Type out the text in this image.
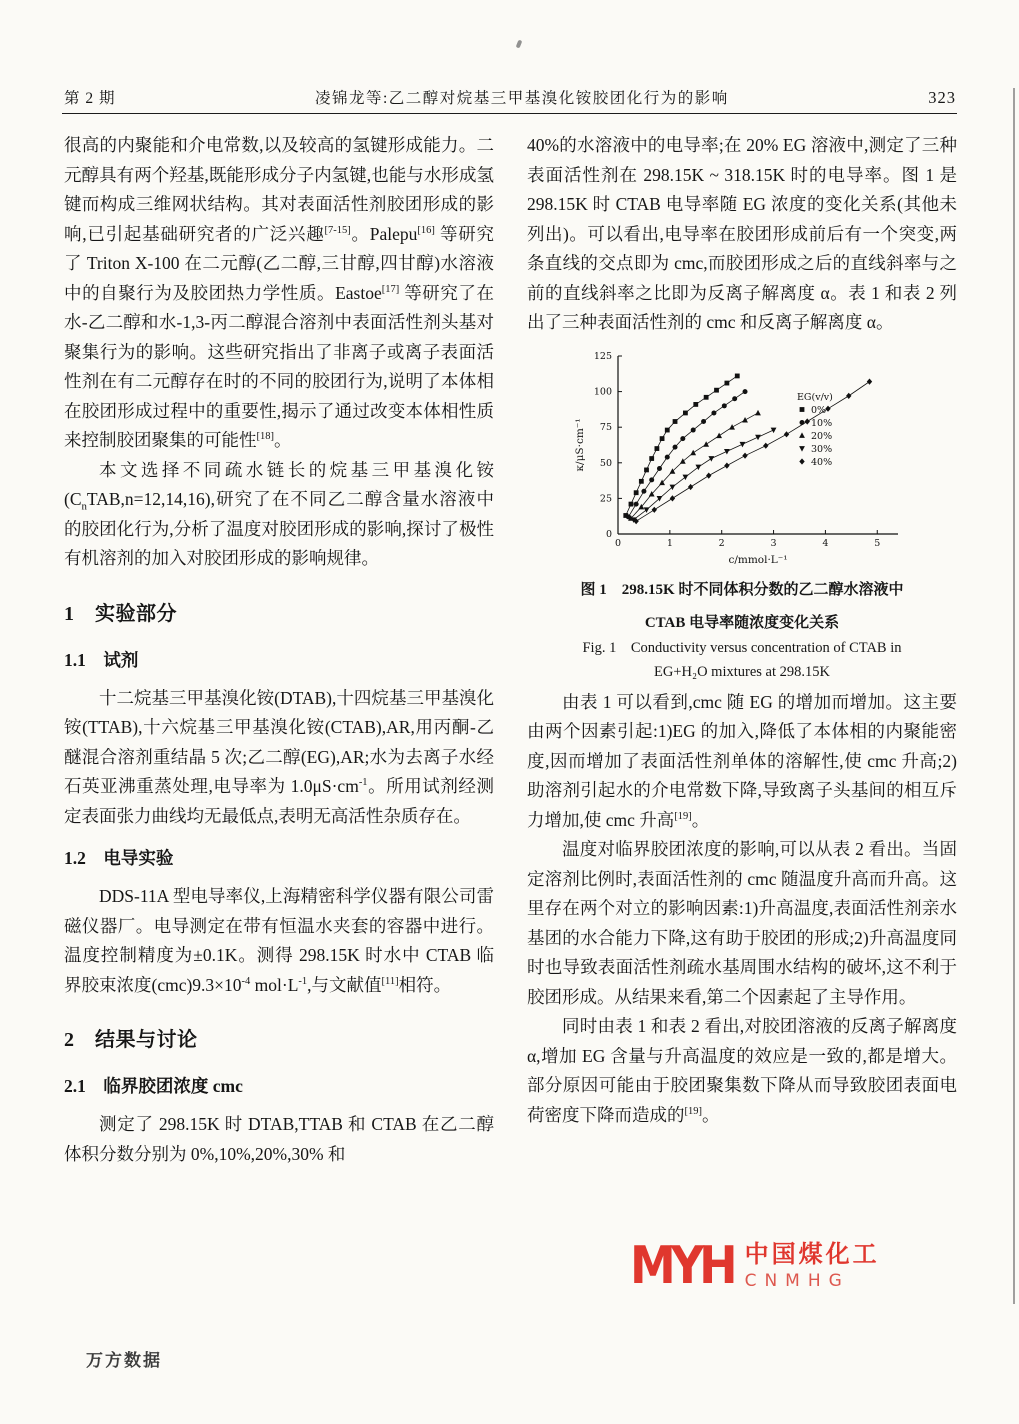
第 2 期	凌锦龙等:乙二醇对烷基三甲基溴化铵胶团化行为的影响	323

很高的内聚能和介电常数,以及较高的氢键形成能力。二元醇具有两个羟基,既能形成分子内氢键,也能与水形成氢键而构成三维网状结构。其对表面活性剂胶团形成的影响,已引起基础研究者的广泛兴趣[7-15]。Palepu[16] 等研究了 Triton X-100 在二元醇(乙二醇,三甘醇,四甘醇)水溶液中的自聚行为及胶团热力学性质。Eastoe[17] 等研究了在水-乙二醇和水-1,3-丙二醇混合溶剂中表面活性剂头基对聚集行为的影响。这些研究指出了非离子或离子表面活性剂在有二元醇存在时的不同的胶团行为,说明了本体相在胶团形成过程中的重要性,揭示了通过改变本体相性质来控制胶团聚集的可能性[18]。

本文选择不同疏水链长的烷基三甲基溴化铵$(C_nTAB,n=12,14,16)$,研究了在不同乙二醇含量水溶液中的胶团化行为,分析了温度对胶团形成的影响,探讨了极性有机溶剂的加入对胶团形成的影响规律。

1　实验部分
1.1　试剂

十二烷基三甲基溴化铵(DTAB),十四烷基三甲基溴化铵(TTAB),十六烷基三甲基溴化铵(CTAB),AR,用丙酮-乙醚混合溶剂重结晶 5 次;乙二醇(EG),AR;水为去离子水经石英亚沸重蒸处理,电导率为 $1.0\mu S\cdot cm^{-1}$。所用试剂经测定表面张力曲线均无最低点,表明无高活性杂质存在。

1.2　电导实验

DDS-11A 型电导率仪,上海精密科学仪器有限公司雷磁仪器厂。电导测定在带有恒温水夹套的容器中进行。温度控制精度为±0.1K。测得 298.15K 时水中 CTAB 临界胶束浓度$(cmc)9.3\times 10^{-4}$ $mol\cdot L^{-1}$,与文献值[11]相符。

2　结果与讨论
2.1　临界胶团浓度 cmc

测定了 298.15K 时 DTAB,TTAB 和 CTAB 在乙二醇体积分数分别为 0%,10%,20%,30% 和

40%的水溶液中的电导率;在 20% EG 溶液中,测定了三种表面活性剂在 298.15K ~ 318.15K 时的电导率。图 1 是 298.15K 时 CTAB 电导率随 EG 浓度的变化关系(其他未列出)。可以看出,电导率在胶团形成前后有一个突变,两条直线的交点即为 cmc,而胶团形成之后的直线斜率与之前的直线斜率之比即为反离子解离度 α。表 1 和表 2 列出了三种表面活性剂的 cmc 和反离子解离度 α。

0	1	2	3	4	5
0
25
50
75
100
125
c/mmol·L⁻¹
κ/μS·cm⁻¹
EG(v/v)
0%
10%
20%
30%
40%
图 1　298.15K 时不同体积分数的乙二醇水溶液中
CTAB 电导率随浓度变化关系
Fig. 1　Conductivity versus concentration of CTAB in
EG+H₂O mixtures at 298.15K

由表 1 可以看到,cmc 随 EG 的增加而增加。这主要由两个因素引起:1)EG 的加入,降低了本体相的内聚能密度,因而增加了表面活性剂单体的溶解性,使 cmc 升高;2)助溶剂引起水的介电常数下降,导致离子头基间的相互斥力增加,使 cmc 升高[19]。

温度对临界胶团浓度的影响,可以从表 2 看出。当固定溶剂比例时,表面活性剂的 cmc 随温度升高而升高。这里存在两个对立的影响因素:1)升高温度,表面活性剂亲水基团的水合能力下降,这有助于胶团的形成;2)升高温度同时也导致表面活性剂疏水基周围水结构的破坏,这不利于胶团形成。从结果来看,第二个因素起了主导作用。

同时由表 1 和表 2 看出,对胶团溶液的反离子解离度 α,增加 EG 含量与升高温度的效应是一致的,都是增大。部分原因可能由于胶团聚集数下降从而导致胶团表面电荷密度下降而造成的[19]。

MYH 中国煤化工
CNMHG
万方数据
